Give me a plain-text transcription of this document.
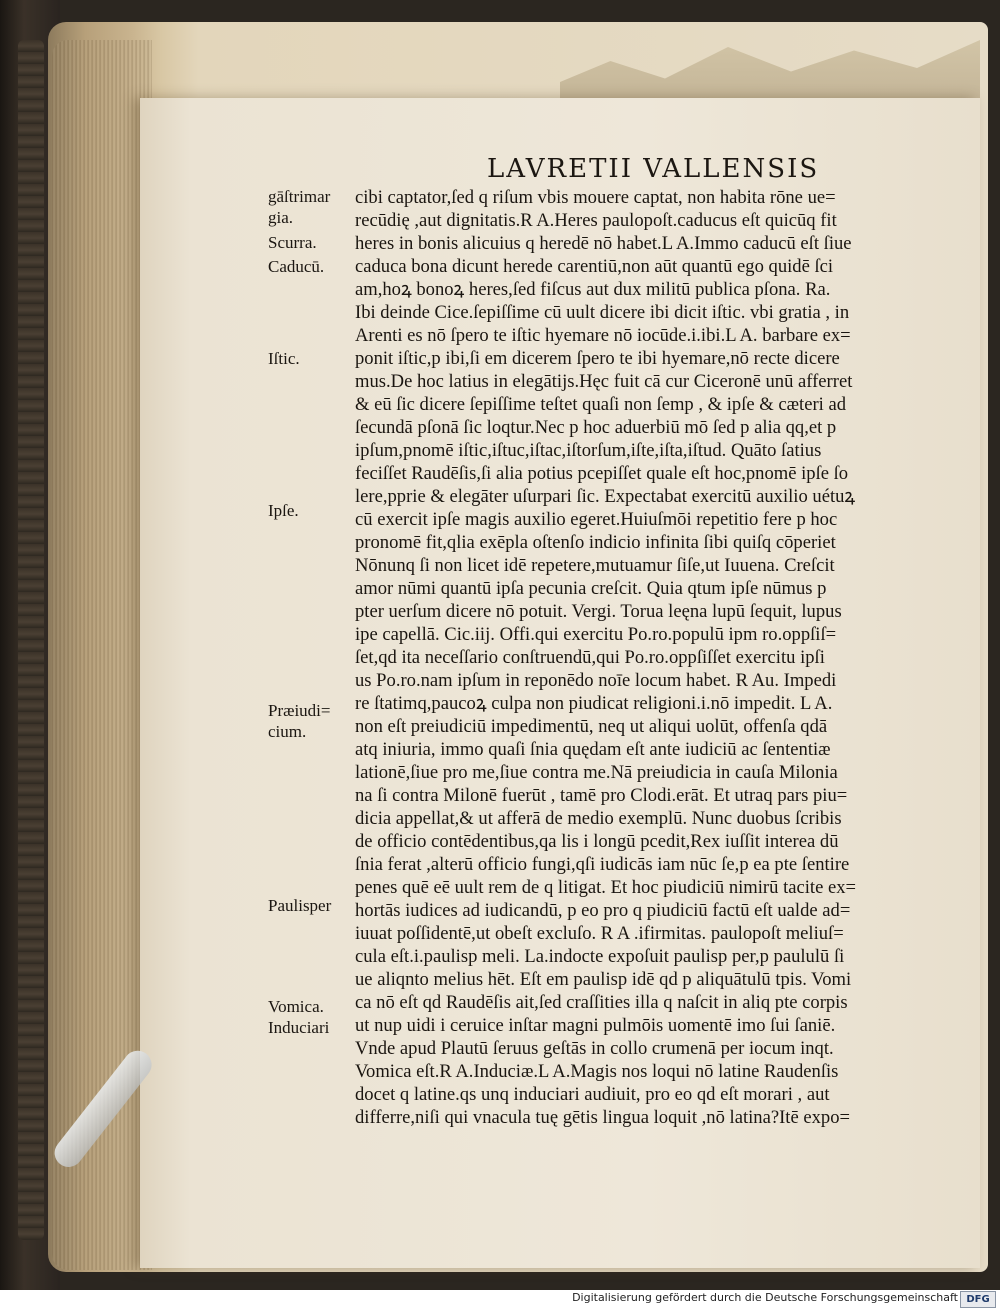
LAVRETII VALLENSIS
gāſtrimar
gia.
Scurra.
Caducū.
Iſtic.
Ipſe.
Præiudi=
cium.
Paulisper
Vomica.
Induciari
cibi captator,ſed q riſum vbis mouere captat, non habita rōne ue=
recūdię ,aut dignitatis.R A.Heres paulopoſt.caducus eſt quicūq fit
heres in bonis alicuius q heredē nō habet.L A.Immo caducū eſt ſiue
caduca bona dicunt herede carentiū,non aūt quantū ego quidē ſci
am,hoꝝ bonoꝝ heres,ſed fiſcus aut dux militū publica pſona. Ra.
Ibi deinde Cice.ſepiſſime cū uult dicere ibi dicit iſtic. vbi gratia , in
Arenti es nō ſpero te iſtic hyemare nō iocūde.i.ibi.L A. barbare ex=
ponit iſtic,p ibi,ſi em dicerem ſpero te ibi hyemare,nō recte dicere
mus.De hoc latius in elegātijs.Hęc fuit cā cur Ciceronē unū afferret
& eū ſic dicere ſepiſſime teſtet quaſi non ſemp , & ipſe & cæteri ad
ſecundā pſonā ſic loqtur.Nec p hoc aduerbiū mō ſed p alia qq,et p
ipſum,pnomē iſtic,iſtuc,iſtac,iſtorſum,iſte,iſta,iſtud. Quāto ſatius
feciſſet Raudēſis,ſi alia potius pcepiſſet quale eſt hoc,pnomē ipſe ſo
lere,pprie & elegāter uſurpari ſic. Expectabat exercitū auxilio uétuꝝ
cū exercit ipſe magis auxilio egeret.Huiuſmōi repetitio fere p hoc
pronomē fit,qlia exēpla oſtenſo indicio infinita ſibi quiſq cōperiet
Nōnunq ſi non licet idē repetere,mutuamur ſiſe,ut Iuuena. Creſcit
amor nūmi quantū ipſa pecunia creſcit. Quia qtum ipſe nūmus p
pter uerſum dicere nō potuit. Vergi. Torua leęna lupū ſequit, lupus
ipe capellā. Cic.iij. Offi.qui exercitu Po.ro.populū ipm ro.oppſiſ=
ſet,qd ita neceſſario conſtruendū,qui Po.ro.oppſiſſet exercitu ipſi
us Po.ro.nam ipſum in reponēdo noīe locum habet. R Au. Impedi
re ſtatimq,paucoꝝ culpa non piudicat religioni.i.nō impedit. L A.
non eſt preiudiciū impedimentū, neq ut aliqui uolūt, offenſa qdā
atq iniuria, immo quaſi ſnia quędam eſt ante iudiciū ac ſententiæ
lationē,ſiue pro me,ſiue contra me.Nā preiudicia in cauſa Milonia
na ſi contra Milonē fuerūt , tamē pro Clodi.erāt. Et utraq pars piu=
dicia appellat,& ut afferā de medio exemplū. Nunc duobus ſcribis
de officio contēdentibus,qa lis i longū pcedit,Rex iuſſit interea dū
ſnia ferat ,alterū officio fungi,qſi iudicās iam nūc ſe,p ea pte ſentire
penes quē eē uult rem de q litigat. Et hoc piudiciū nimirū tacite ex=
hortās iudices ad iudicandū, p eo pro q piudiciū factū eſt ualde ad=
iuuat poſſidentē,ut obeſt excluſo. R A .ifirmitas. paulopoſt meliuſ=
cula eſt.i.paulisp meli. La.indocte expoſuit paulisp per,p paululū ſi
ue aliqnto melius hēt. Eſt em paulisp idē qd p aliquātulū tpis. Vomi
ca nō eſt qd Raudēſis ait,ſed craſſities illa q naſcit in aliq pte corpis
ut nup uidi i ceruice inſtar magni pulmōis uomentē imo ſui ſaniē.
Vnde apud Plautū ſeruus geſtās in collo crumenā per iocum inqt.
Vomica eſt.R A.Induciæ.L A.Magis nos loqui nō latine Raudenſis
docet q latine.qs unq induciari audiuit, pro eo qd eſt morari , aut
differre,niſi qui vnacula tuę gētis lingua loquit ,nō latina?Itē expo=
Digitalisierung gefördert durch die Deutsche Forschungsgemeinschaft DFG
